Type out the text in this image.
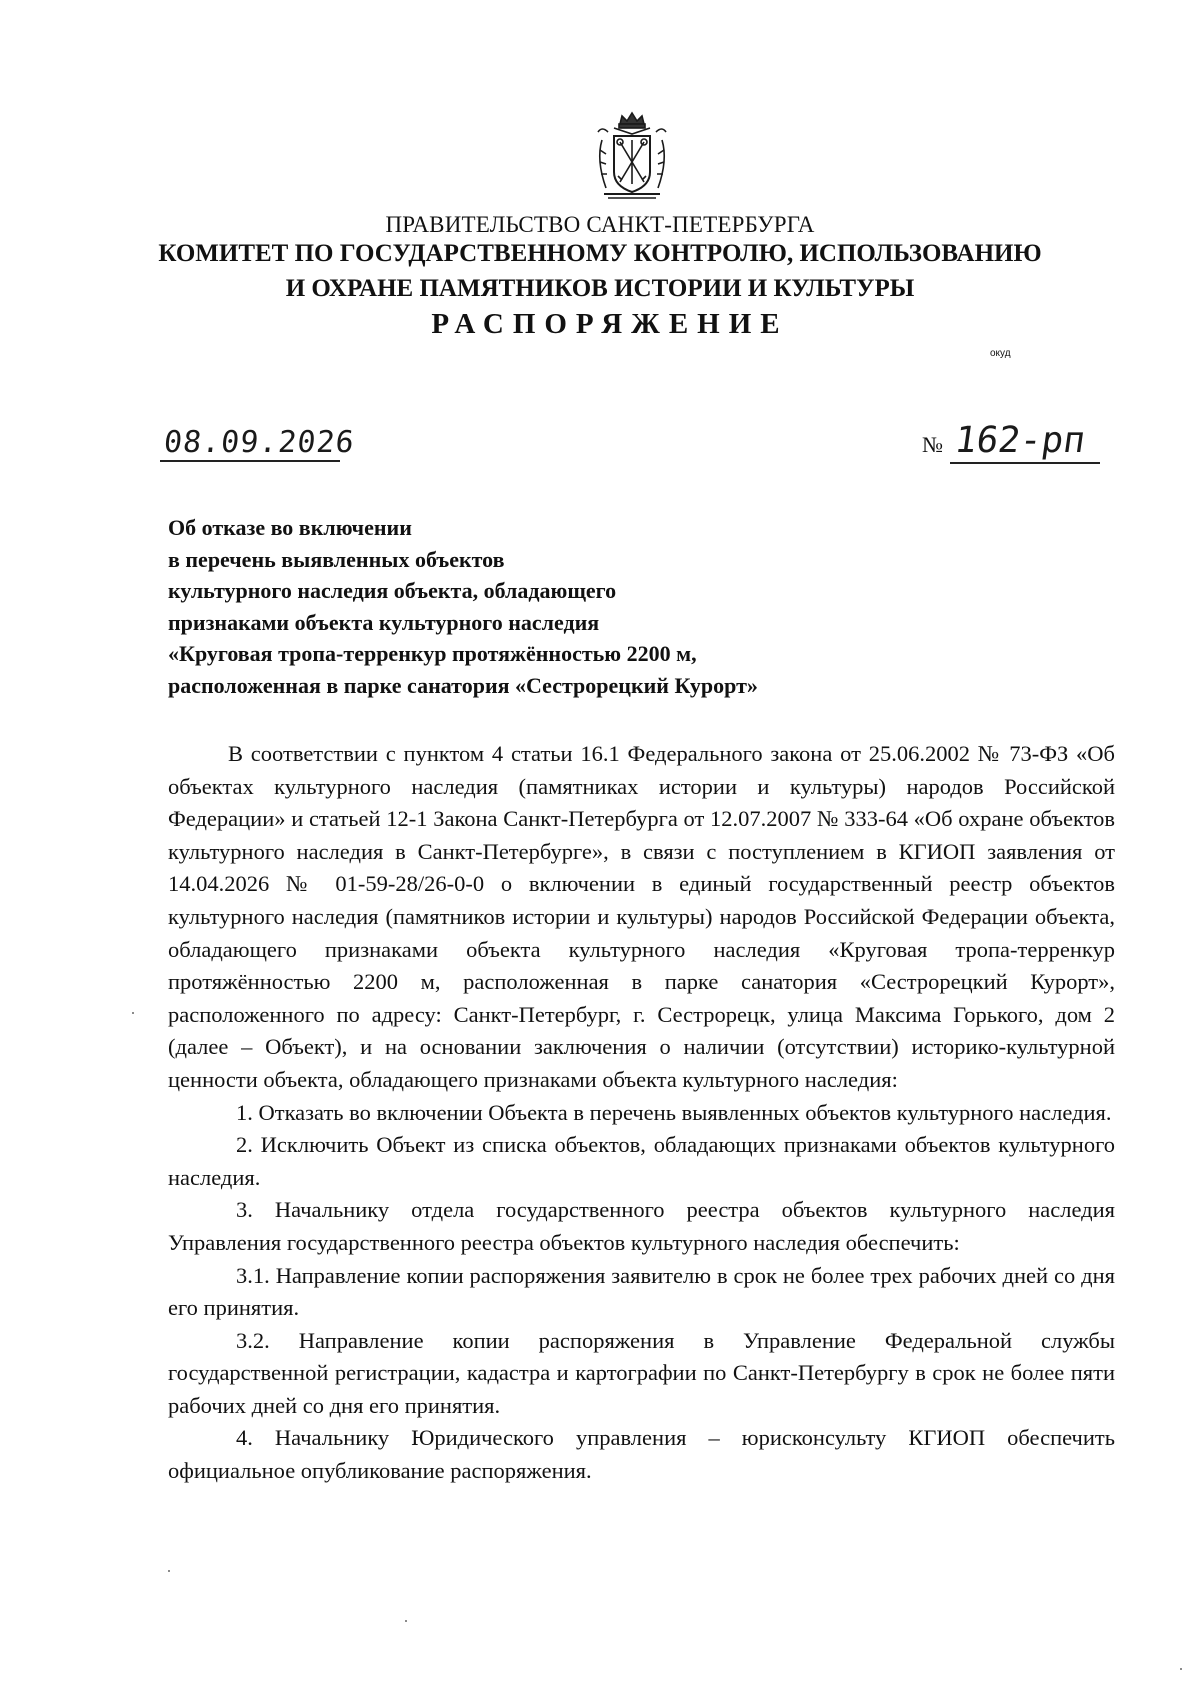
ПРАВИТЕЛЬСТВО САНКТ-ПЕТЕРБУРГА
КОМИТЕТ ПО ГОСУДАРСТВЕННОМУ КОНТРОЛЮ, ИСПОЛЬЗОВАНИЮ
И ОХРАНЕ ПАМЯТНИКОВ ИСТОРИИ И КУЛЬТУРЫ
РАСПОРЯЖЕНИЕ
окуд
08.09.2026	№ 162-рп
Об отказе во включении
в перечень выявленных объектов
культурного наследия объекта, обладающего
признаками объекта культурного наследия
«Круговая тропа-терренкур протяжённостью 2200 м,
расположенная в парке санатория «Сестрорецкий Курорт»

В соответствии с пунктом 4 статьи 16.1 Федерального закона от 25.06.2002 № 73-ФЗ «Об объектах культурного наследия (памятниках истории и культуры) народов Российской Федерации» и статьей 12-1 Закона Санкт-Петербурга от 12.07.2007 № 333-64 «Об охране объектов культурного наследия в Санкт-Петербурге», в связи с поступлением в КГИОП заявления от 14.04.2026 № 01-59-28/26-0-0 о включении в единый государственный реестр объектов культурного наследия (памятников истории и культуры) народов Российской Федерации объекта, обладающего признаками объекта культурного наследия «Круговая тропа-терренкур протяжённостью 2200 м, расположенная в парке санатория «Сестрорецкий Курорт», расположенного по адресу: Санкт-Петербург, г. Сестрорецк, улица Максима Горького, дом 2 (далее – Объект), и на основании заключения о наличии (отсутствии) историко-культурной ценности объекта, обладающего признаками объекта культурного наследия:

1. Отказать во включении Объекта в перечень выявленных объектов культурного наследия.

2. Исключить Объект из списка объектов, обладающих признаками объектов культурного наследия.

3. Начальнику отдела государственного реестра объектов культурного наследия Управления государственного реестра объектов культурного наследия обеспечить:

3.1. Направление копии распоряжения заявителю в срок не более трех рабочих дней со дня его принятия.

3.2. Направление копии распоряжения в Управление Федеральной службы государственной регистрации, кадастра и картографии по Санкт-Петербургу в срок не более пяти рабочих дней со дня его принятия.

4. Начальнику Юридического управления – юрисконсульту КГИОП обеспечить официальное опубликование распоряжения.
